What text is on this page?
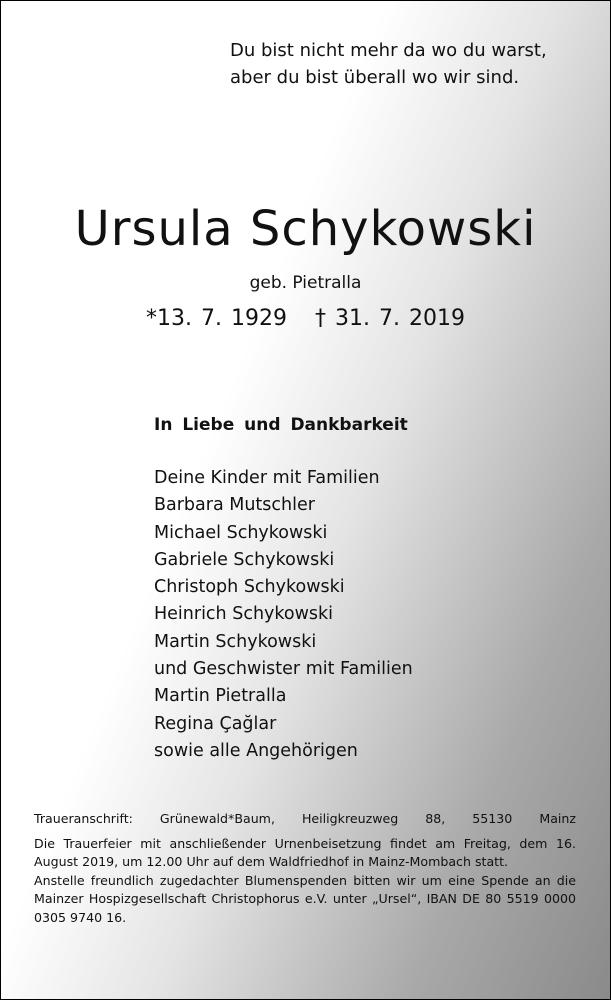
Du bist nicht mehr da wo du warst,
aber du bist überall wo wir sind.
Ursula Schykowski
geb. Pietralla
*13. 7. 1929 † 31. 7. 2019
In Liebe und Dankbarkeit
Deine Kinder mit Familien
Barbara Mutschler
Michael Schykowski
Gabriele Schykowski
Christoph Schykowski
Heinrich Schykowski
Martin Schykowski
und Geschwister mit Familien
Martin Pietralla
Regina Çağlar
sowie alle Angehörigen

Traueranschrift: Grünewald*Baum, Heiligkreuzweg 88, 55130 Mainz

Die Trauerfeier mit anschließender Urnenbeisetzung findet am Freitag, dem 16. August 2019, um 12.00 Uhr auf dem Waldfriedhof in Mainz-Mombach statt.

Anstelle freundlich zugedachter Blumenspenden bitten wir um eine Spende an die Mainzer Hospizgesellschaft Christophorus e.V. unter „Ursel“, IBAN DE 80 5519 0000 0305 9740 16.
